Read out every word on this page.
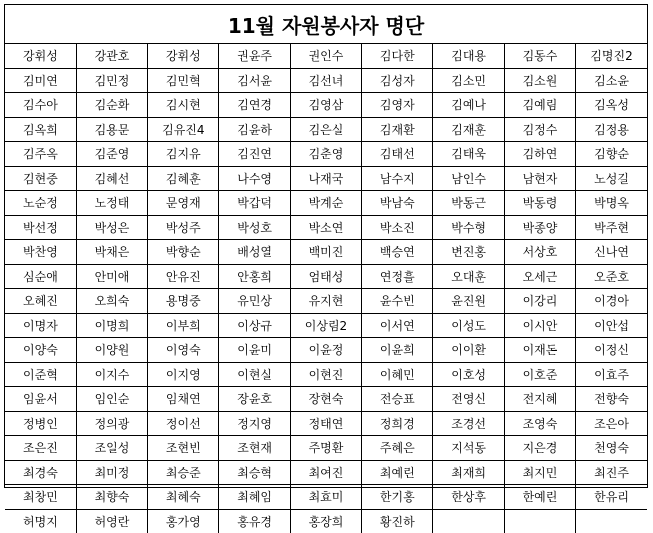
11월 자원봉사자 명단
강휘성	강관호	강휘성	권윤주	권인수	김다한	김대용	김동수	김명진2
김미연	김민정	김민혁	김서윤	김선녀	김성자	김소민	김소원	김소윤
김수아	김순화	김시현	김연경	김영삼	김영자	김예나	김예림	김옥성
김옥희	김용문	김유진4	김윤하	김은실	김재환	김재훈	김정수	김정용
김주옥	김준영	김지유	김진연	김춘영	김태선	김태욱	김하연	김향순
김현중	김혜선	김혜훈	나수영	나재국	남수지	남인수	남현자	노성길
노순정	노정태	문영재	박갑덕	박계순	박남숙	박동근	박동령	박명옥
박선정	박성은	박성주	박성호	박소연	박소진	박수형	박종양	박주현
박찬영	박채은	박향순	배성열	백미진	백승연	변진홍	서상호	신나연
심순애	안미애	안유진	안홍희	엄태성	연정흘	오대훈	오세근	오준호
오혜진	오희숙	용명중	유민상	유지현	윤수빈	윤진원	이강리	이경아
이명자	이명희	이부희	이상규	이상림2	이서연	이성도	이시안	이안섭
이양숙	이양원	이영숙	이윤미	이윤정	이윤희	이이환	이재돈	이정신
이준혁	이지수	이지영	이현실	이현진	이혜민	이호성	이호준	이효주
임윤서	임인순	임채연	장윤호	장현숙	전승표	전영신	전지혜	전향숙
정병인	정의광	정이선	정지영	정태연	정희경	조경선	조영숙	조은아
조은진	조일성	조현빈	조현재	주명환	주혜은	지석동	지은경	천영숙
최경숙	최미정	최승준	최승혁	최여진	최예린	최재희	최지민	최진주
최창민	최향숙	최혜숙	최혜임	최효미	한기홍	한상후	한예린	한유리
허명지	허영란	홍가영	홍유경	홍장희	황진하			
